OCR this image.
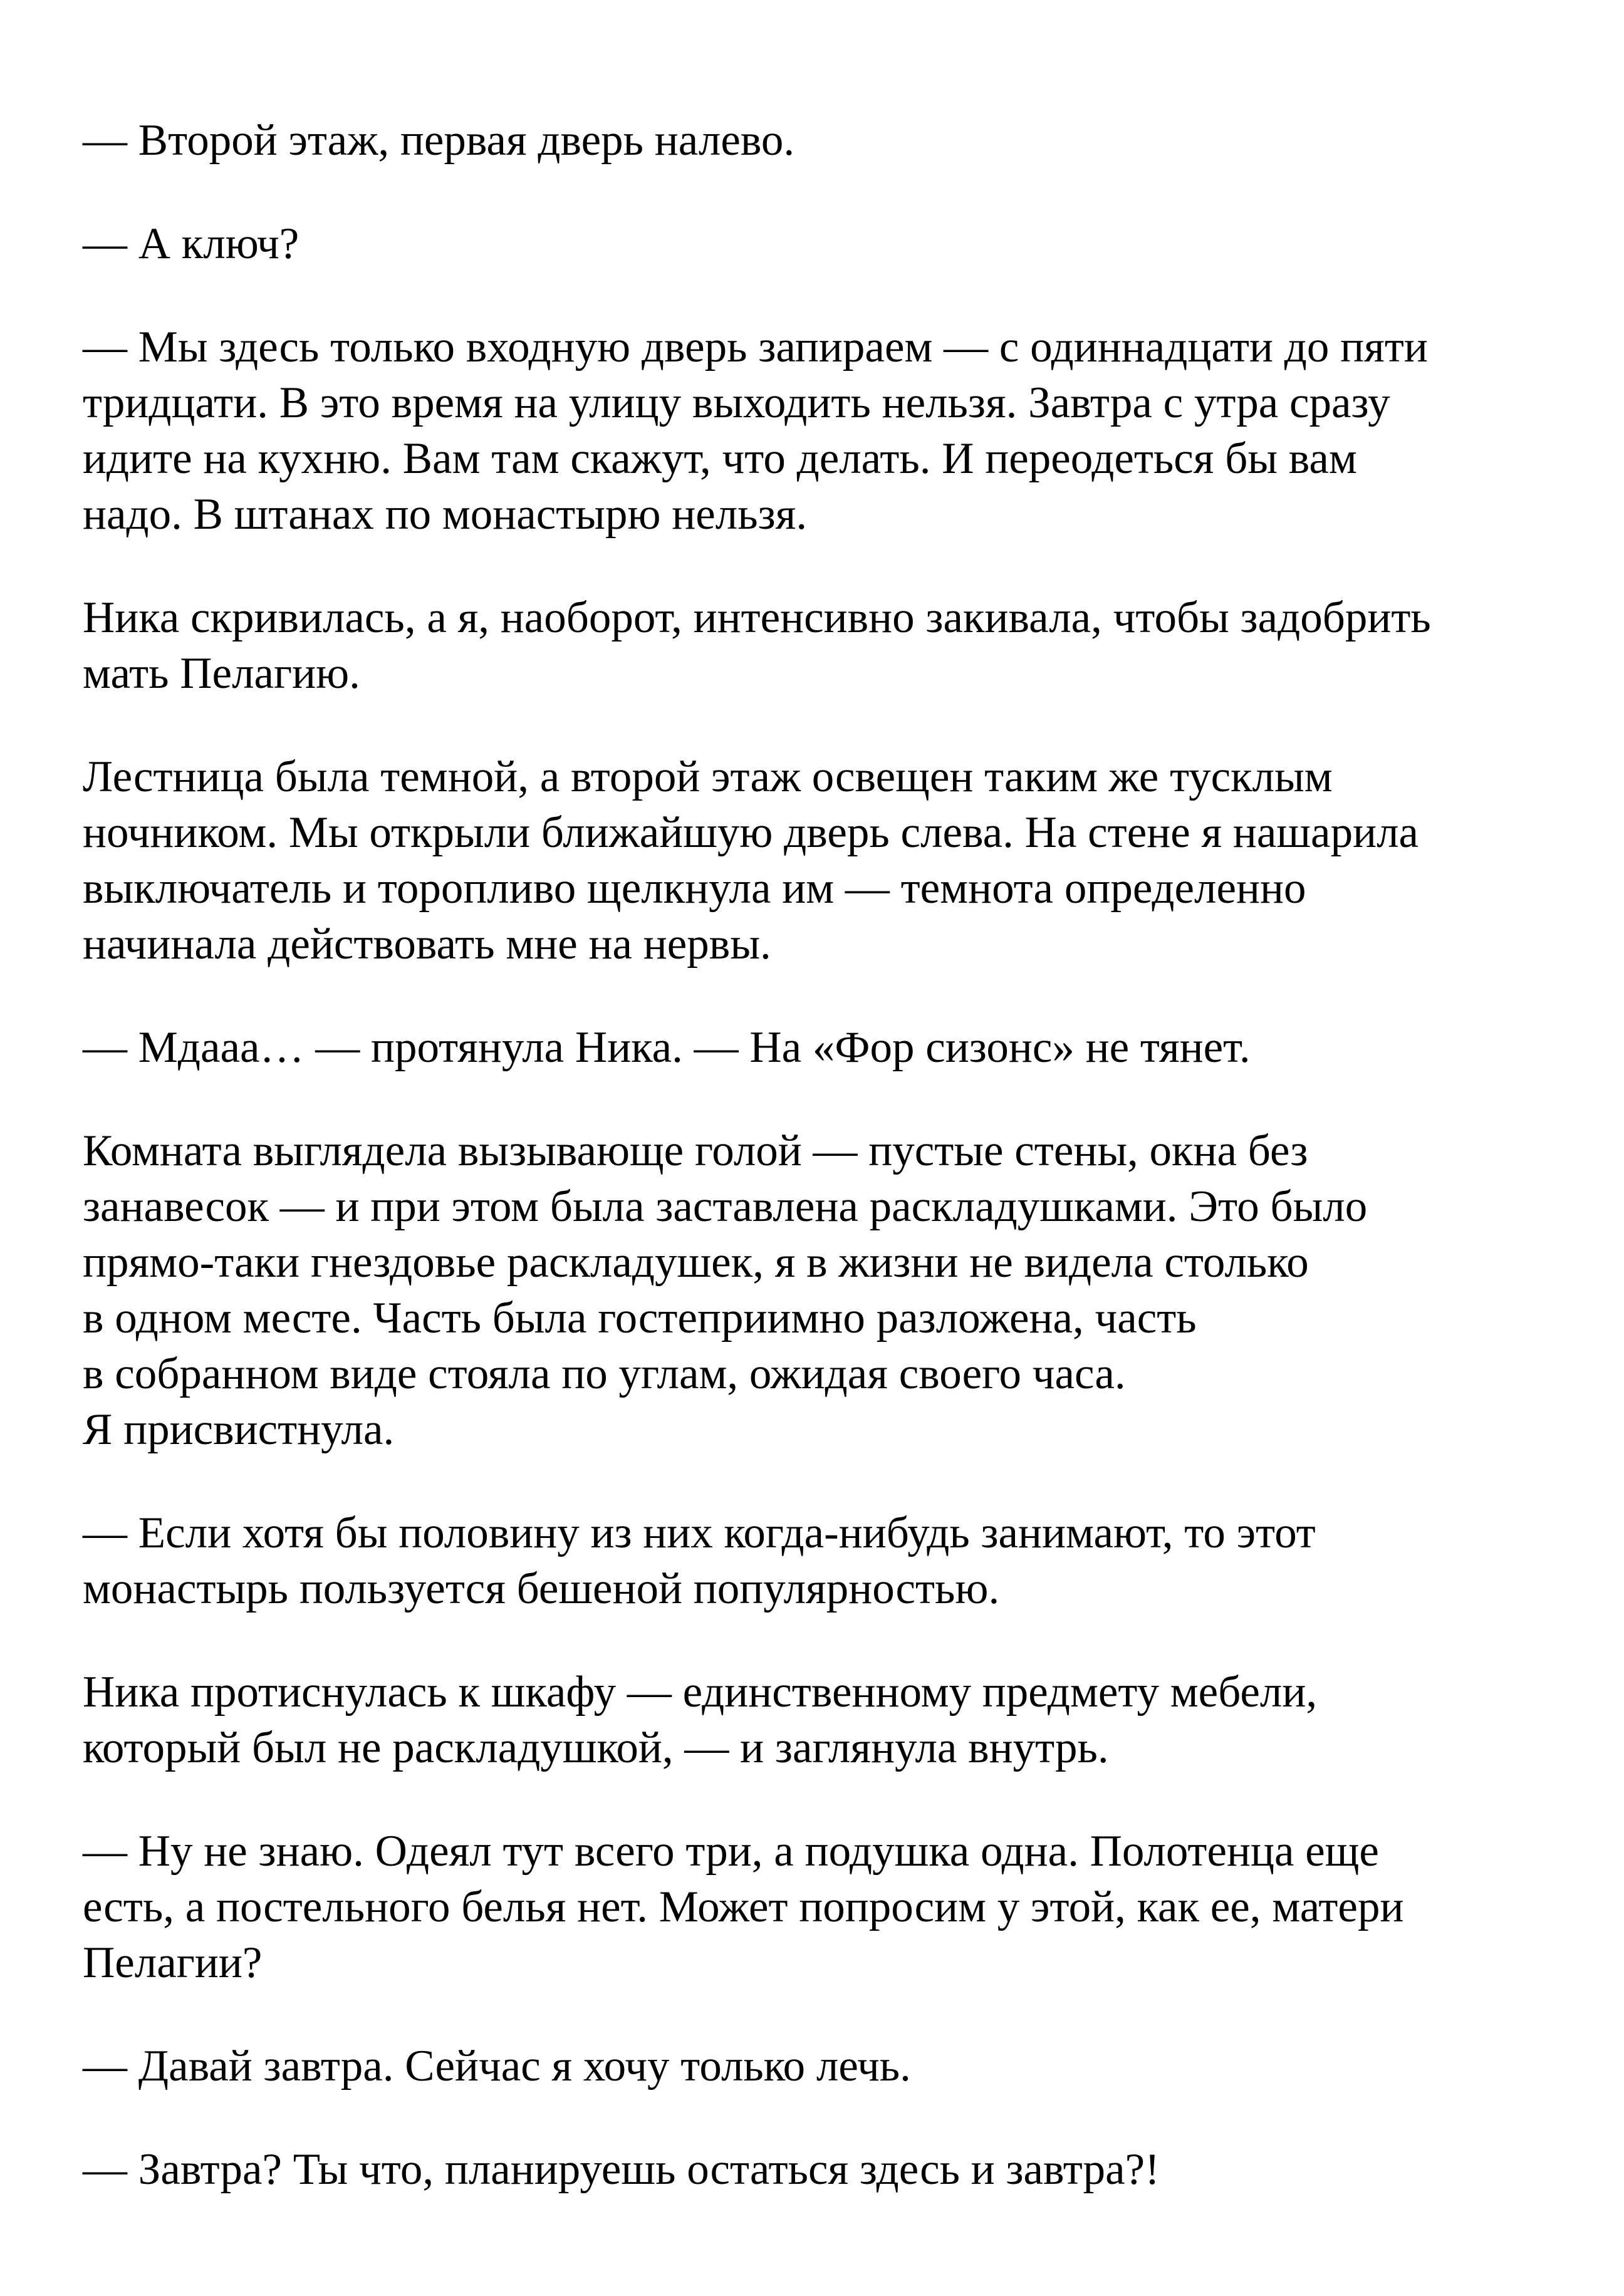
— Второй этаж, первая дверь налево.

— А ключ?

— Мы здесь только входную дверь запираем — с одиннадцати до пяти
тридцати. В это время на улицу выходить нельзя. Завтра с утра сразу
идите на кухню. Вам там скажут, что делать. И переодеться бы вам
надо. В штанах по монастырю нельзя.

Ника скривилась, а я, наоборот, интенсивно закивала, чтобы задобрить
мать Пелагию.

Лестница была темной, а второй этаж освещен таким же тусклым
ночником. Мы открыли ближайшую дверь слева. На стене я нашарила
выключатель и торопливо щелкнула им — темнота определенно
начинала действовать мне на нервы.

— Мдааа… — протянула Ника. — На «Фор сизонс» не тянет.

Комната выглядела вызывающе голой — пустые стены, окна без
занавесок — и при этом была заставлена раскладушками. Это было
прямо-таки гнездовье раскладушек, я в жизни не видела столько
в одном месте. Часть была гостеприимно разложена, часть
в собранном виде стояла по углам, ожидая своего часа.
Я присвистнула.

— Если хотя бы половину из них когда-нибудь занимают, то этот
монастырь пользуется бешеной популярностью.

Ника протиснулась к шкафу — единственному предмету мебели,
который был не раскладушкой, — и заглянула внутрь.

— Ну не знаю. Одеял тут всего три, а подушка одна. Полотенца еще
есть, а постельного белья нет. Может попросим у этой, как ее, матери
Пелагии?

— Давай завтра. Сейчас я хочу только лечь.

— Завтра? Ты что, планируешь остаться здесь и завтра?!
